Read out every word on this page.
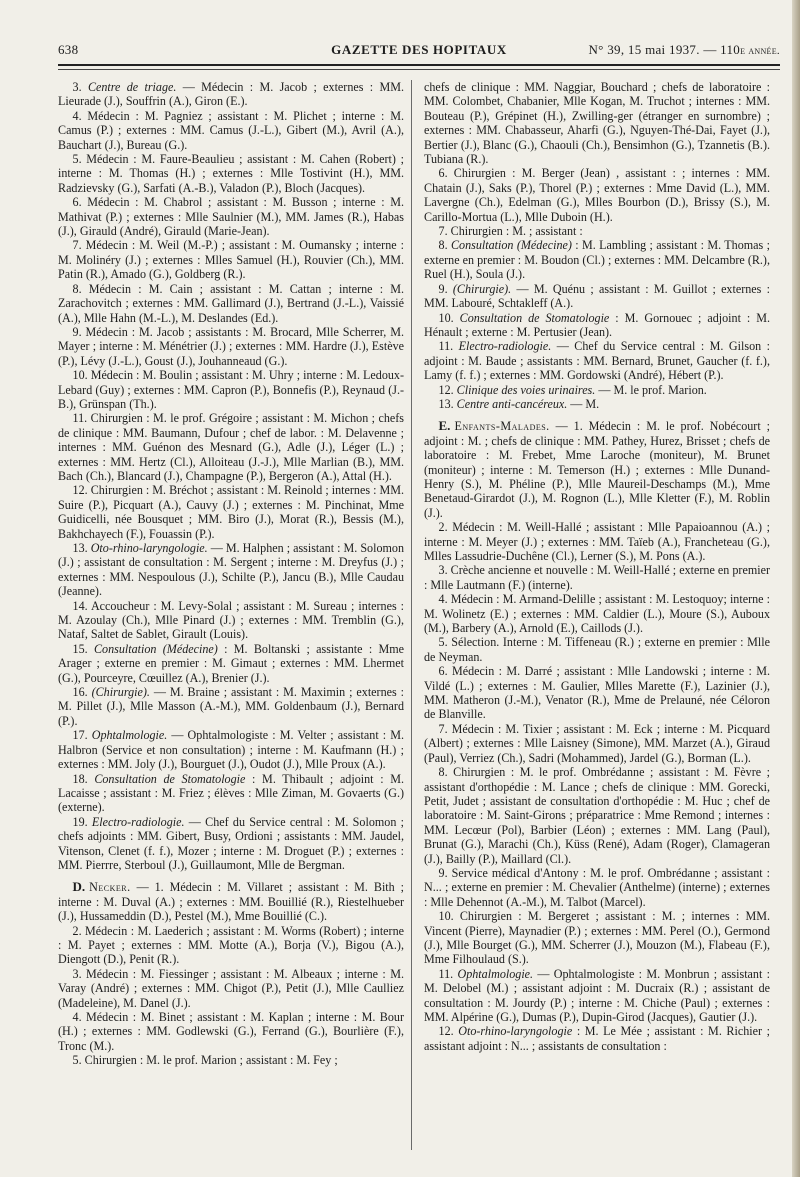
638	GAZETTE DES HOPITAUX	N° 39, 15 mai 1937. — 110e année.

3. Centre de triage. — Médecin : M. Jacob ; externes : MM. Lieurade (J.), Souffrin (A.), Giron (E.).

4. Médecin : M. Pagniez ; assistant : M. Plichet ; interne : M. Camus (P.) ; externes : MM. Camus (J.-L.), Gibert (M.), Avril (A.), Bauchart (J.), Bureau (G.).

5. Médecin : M. Faure-Beaulieu ; assistant : M. Cahen (Robert) ; interne : M. Thomas (H.) ; externes : Mlle Tostivint (H.), MM. Radzievsky (G.), Sarfati (A.-B.), Valadon (P.), Bloch (Jacques).

6. Médecin : M. Chabrol ; assistant : M. Busson ; interne : M. Mathivat (P.) ; externes : Mlle Saulnier (M.), MM. James (R.), Habas (J.), Girauld (André), Girauld (Marie-Jean).

7. Médecin : M. Weil (M.-P.) ; assistant : M. Oumansky ; interne : M. Molinéry (J.) ; externes : Mlles Samuel (H.), Rouvier (Ch.), MM. Patin (R.), Amado (G.), Goldberg (R.).

8. Médecin : M. Cain ; assistant : M. Cattan ; interne : M. Zarachovitch ; externes : MM. Gallimard (J.), Bertrand (J.-L.), Vaissié (A.), Mlle Hahn (M.-L.), M. Deslandes (Ed.).

9. Médecin : M. Jacob ; assistants : M. Brocard, Mlle Scherrer, M. Mayer ; interne : M. Ménétrier (J.) ; externes : MM. Hardre (J.), Estève (P.), Lévy (J.-L.), Goust (J.), Jouhanneaud (G.).

10. Médecin : M. Boulin ; assistant : M. Uhry ; interne : M. Ledoux-Lebard (Guy) ; externes : MM. Capron (P.), Bonnefis (P.), Reynaud (J.-B.), Grünspan (Th.).

11. Chirurgien : M. le prof. Grégoire ; assistant : M. Michon ; chefs de clinique : MM. Baumann, Dufour ; chef de labor. : M. Delavenne ; internes : MM. Guénon des Mesnard (G.), Adle (J.), Léger (L.) ; externes : MM. Hertz (Cl.), Alloiteau (J.-J.), Mlle Marlian (B.), MM. Bach (Ch.), Blancard (J.), Champagne (P.), Bergeron (A.), Attal (H.).

12. Chirurgien : M. Bréchot ; assistant : M. Reinold ; internes : MM. Suire (P.), Picquart (A.), Cauvy (J.) ; externes : M. Pinchinat, Mme Guidicelli, née Bousquet ; MM. Biro (J.), Morat (R.), Bessis (M.), Bakhchayech (F.), Fouassin (P.).

13. Oto-rhino-laryngologie. — M. Halphen ; assistant : M. Solomon (J.) ; assistant de consultation : M. Sergent ; interne : M. Dreyfus (J.) ; externes : MM. Nespoulous (J.), Schilte (P.), Jancu (B.), Mlle Caudau (Jeanne).

14. Accoucheur : M. Levy-Solal ; assistant : M. Sureau ; internes : M. Azoulay (Ch.), Mlle Pinard (J.) ; externes : MM. Tremblin (G.), Nataf, Saltet de Sablet, Girault (Louis).

15. Consultation (Médecine) : M. Boltanski ; assistante : Mme Arager ; externe en premier : M. Gimaut ; externes : MM. Lhermet (G.), Pourceyre, Cœuillez (A.), Brenier (J.).

16. (Chirurgie). — M. Braine ; assistant : M. Maximin ; externes : M. Pillet (J.), Mlle Masson (A.-M.), MM. Goldenbaum (J.), Bernard (P.).

17. Ophtalmologie. — Ophtalmologiste : M. Velter ; assistant : M. Halbron (Service et non consultation) ; interne : M. Kaufmann (H.) ; externes : MM. Joly (J.), Bourguet (J.), Oudot (J.), Mlle Proux (A.).

18. Consultation de Stomatologie : M. Thibault ; adjoint : M. Lacaisse ; assistant : M. Friez ; élèves : Mlle Ziman, M. Govaerts (G.) (externe).

19. Electro-radiologie. — Chef du Service central : M. Solomon ; chefs adjoints : MM. Gibert, Busy, Ordioni ; assistants : MM. Jaudel, Vitenson, Clenet (f. f.), Mozer ; interne : M. Droguet (P.) ; externes : MM. Pierrre, Sterboul (J.), Guillaumont, Mlle de Bergman.

D. Necker. — 1. Médecin : M. Villaret ; assistant : M. Bith ; interne : M. Duval (A.) ; externes : MM. Bouillié (R.), Riestelhueber (J.), Hussameddin (D.), Pestel (M.), Mme Bouillié (C.).

2. Médecin : M. Laederich ; assistant : M. Worms (Robert) ; interne : M. Payet ; externes : MM. Motte (A.), Borja (V.), Bigou (A.), Diengott (D.), Penit (R.).

3. Médecin : M. Fiessinger ; assistant : M. Albeaux ; interne : M. Varay (André) ; externes : MM. Chigot (P.), Petit (J.), Mlle Caulliez (Madeleine), M. Danel (J.).

4. Médecin : M. Binet ; assistant : M. Kaplan ; interne : M. Bour (H.) ; externes : MM. Godlewski (G.), Ferrand (G.), Bourlière (F.), Tronc (M.).

5. Chirurgien : M. le prof. Marion ; assistant : M. Fey ;

chefs de clinique : MM. Naggiar, Bouchard ; chefs de laboratoire : MM. Colombet, Chabanier, Mlle Kogan, M. Truchot ; internes : MM. Bouteau (P.), Grépinet (H.), Zwilling-ger (étranger en surnombre) ; externes : MM. Chabasseur, Aharfi (G.), Nguyen-Thé-Dai, Fayet (J.), Bertier (J.), Blanc (G.), Chaouli (Ch.), Bensimhon (G.), Tzannetis (B.). Tubiana (R.).

6. Chirurgien : M. Berger (Jean) , assistant : ; internes : MM. Chatain (J.), Saks (P.), Thorel (P.) ; externes : Mme David (L.), MM. Lavergne (Ch.), Edelman (G.), Mlles Bourbon (D.), Brissy (S.), M. Carillo-Mortua (L.), Mlle Duboin (H.).

7. Chirurgien : M. ; assistant :

8. Consultation (Médecine) : M. Lambling ; assistant : M. Thomas ; externe en premier : M. Boudon (Cl.) ; externes : MM. Delcambre (R.), Ruel (H.), Soula (J.).

9. (Chirurgie). — M. Quénu ; assistant : M. Guillot ; externes : MM. Labouré, Schtakleff (A.).

10. Consultation de Stomatologie : M. Gornouec ; adjoint : M. Hénault ; externe : M. Pertusier (Jean).

11. Electro-radiologie. — Chef du Service central : M. Gilson : adjoint : M. Baude ; assistants : MM. Bernard, Brunet, Gaucher (f. f.), Lamy (f. f.) ; externes : MM. Gordowski (André), Hébert (P.).

12. Clinique des voies urinaires. — M. le prof. Marion.

13. Centre anti-cancéreux. — M.

E. Enfants-Malades. — 1. Médecin : M. le prof. Nobécourt ; adjoint : M. ; chefs de clinique : MM. Pathey, Hurez, Brisset ; chefs de laboratoire : M. Frebet, Mme Laroche (moniteur), M. Brunet (moniteur) ; interne : M. Temerson (H.) ; externes : Mlle Dunand-Henry (S.), M. Phéline (P.), Mlle Maureil-Deschamps (M.), Mme Benetaud-Girardot (J.), M. Rognon (L.), Mlle Kletter (F.), M. Roblin (J.).

2. Médecin : M. Weill-Hallé ; assistant : Mlle Papaioannou (A.) ; interne : M. Meyer (J.) ; externes : MM. Taïeb (A.), Francheteau (G.), Mlles Lassudrie-Duchêne (Cl.), Lerner (S.), M. Pons (A.).

3. Crèche ancienne et nouvelle : M. Weill-Hallé ; externe en premier : Mlle Lautmann (F.) (interne).

4. Médecin : M. Armand-Delille ; assistant : M. Lestoquoy; interne : M. Wolinetz (E.) ; externes : MM. Caldier (L.), Moure (S.), Auboux (M.), Barbery (A.), Arnold (E.), Caillods (J.).

5. Sélection. Interne : M. Tiffeneau (R.) ; externe en premier : Mlle de Neyman.

6. Médecin : M. Darré ; assistant : Mlle Landowski ; interne : M. Vildé (L.) ; externes : M. Gaulier, Mlles Marette (F.), Lazinier (J.), MM. Matheron (J.-M.), Venator (R.), Mme de Prelauné, née Céloron de Blanville.

7. Médecin : M. Tixier ; assistant : M. Eck ; interne : M. Picquard (Albert) ; externes : Mlle Laisney (Simone), MM. Marzet (A.), Giraud (Paul), Verriez (Ch.), Sadri (Mohammed), Jardel (G.), Borman (L.).

8. Chirurgien : M. le prof. Ombrédanne ; assistant : M. Fèvre ; assistant d'orthopédie : M. Lance ; chefs de clinique : MM. Gorecki, Petit, Judet ; assistant de consultation d'orthopédie : M. Huc ; chef de laboratoire : M. Saint-Girons ; préparatrice : Mme Remond ; internes : MM. Lecœur (Pol), Barbier (Léon) ; externes : MM. Lang (Paul), Brunat (G.), Marachi (Ch.), Küss (René), Adam (Roger), Clamageran (J.), Bailly (P.), Maillard (Cl.).

9. Service médical d'Antony : M. le prof. Ombrédanne ; assistant : N... ; externe en premier : M. Chevalier (Anthelme) (interne) ; externes : Mlle Dehennot (A.-M.), M. Talbot (Marcel).

10. Chirurgien : M. Bergeret ; assistant : M. ; internes : MM. Vincent (Pierre), Maynadier (P.) ; externes : MM. Perel (O.), Germond (J.), Mlle Bourget (G.), MM. Scherrer (J.), Mouzon (M.), Flabeau (F.), Mme Filhoulaud (S.).

11. Ophtalmologie. — Ophtalmologiste : M. Monbrun ; assistant : M. Delobel (M.) ; assistant adjoint : M. Ducraix (R.) ; assistant de consultation : M. Jourdy (P.) ; interne : M. Chiche (Paul) ; externes : MM. Alpérine (G.), Dumas (P.), Dupin-Girod (Jacques), Gautier (J.).

12. Oto-rhino-laryngologie : M. Le Mée ; assistant : M. Richier ; assistant adjoint : N... ; assistants de consultation :
